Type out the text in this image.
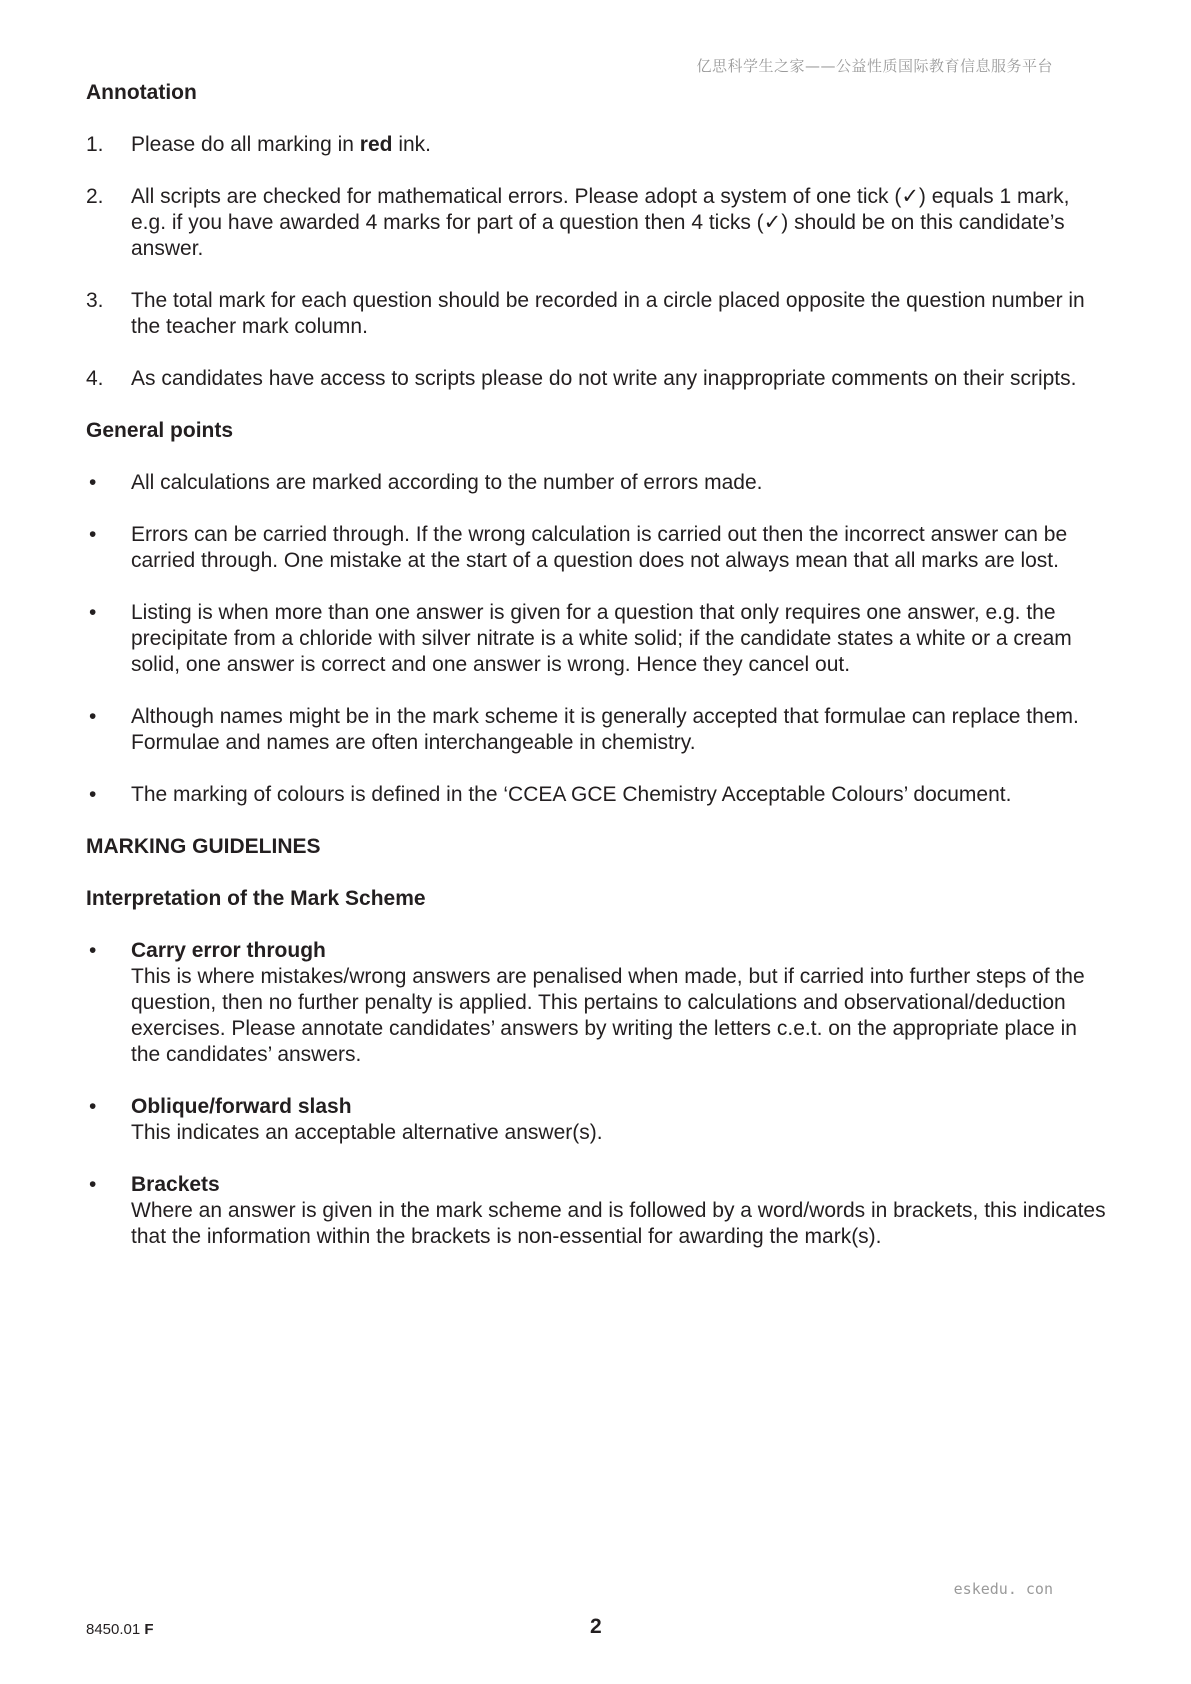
亿思科学生之家——公益性质国际教育信息服务平台
Annotation
1.	Please do all marking in red ink.
2.	All scripts are checked for mathematical errors. Please adopt a system of one tick (✓) equals 1 mark, e.g. if you have awarded 4 marks for part of a question then 4 ticks (✓) should be on this candidate’s answer.
3.	The total mark for each question should be recorded in a circle placed opposite the question number in the teacher mark column.
4.	As candidates have access to scripts please do not write any inappropriate comments on their scripts.
General points
•	All calculations are marked according to the number of errors made.
•	Errors can be carried through. If the wrong calculation is carried out then the incorrect answer can be carried through. One mistake at the start of a question does not always mean that all marks are lost.
•	Listing is when more than one answer is given for a question that only requires one answer, e.g. the precipitate from a chloride with silver nitrate is a white solid; if the candidate states a white or a cream solid, one answer is correct and one answer is wrong. Hence they cancel out.
•	Although names might be in the mark scheme it is generally accepted that formulae can replace them. Formulae and names are often interchangeable in chemistry.
•	The marking of colours is defined in the ‘CCEA GCE Chemistry Acceptable Colours’ document.
MARKING GUIDELINES
Interpretation of the Mark Scheme
•	Carry error through
This is where mistakes/wrong answers are penalised when made, but if carried into further steps of the question, then no further penalty is applied. This pertains to calculations and observational/deduction exercises. Please annotate candidates’ answers by writing the letters c.e.t. on the appropriate place in the candidates’ answers.
•	Oblique/forward slash
This indicates an acceptable alternative answer(s).
•	Brackets
Where an answer is given in the mark scheme and is followed by a word/words in brackets, this indicates that the information within the brackets is non-essential for awarding the mark(s).
eskedu. con
8450.01 F	2
